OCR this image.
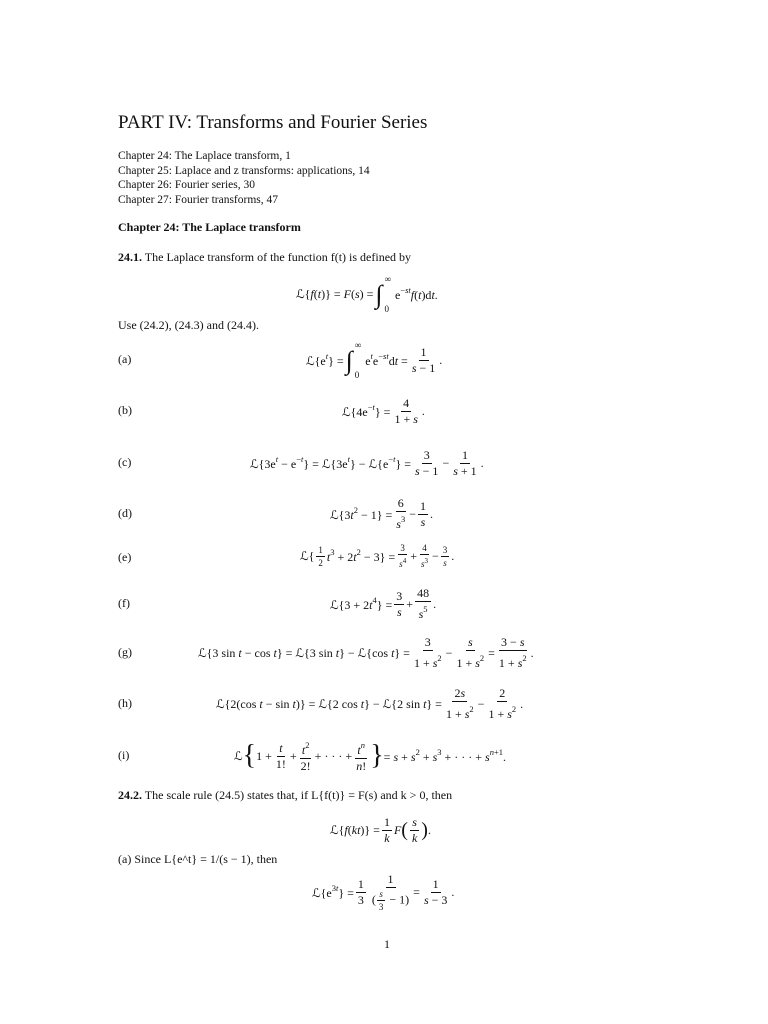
PART IV: Transforms and Fourier Series
Chapter 24: The Laplace transform, 1
Chapter 25: Laplace and z transforms: applications, 14
Chapter 26: Fourier series, 30
Chapter 27: Fourier transforms, 47
Chapter 24: The Laplace transform
24.1. The Laplace transform of the function f(t) is defined by
ℒ{f(t)} = F(s) = ∫
∞
0
$e^{-st}f(t)dt$.
Use (24.2), (24.3) and (24.4).
(a)	$ℒ\{e^t\}$ = ∫
∞
0
$e^te^{-st}dt = \frac{1}{s - 1}$ .
(b)	$ℒ\{4e^{-t}\} = \frac{4}{1 + s}$ .
(c)	$ℒ\{3e^t - e^{-t}\}$ = $ℒ\{3e^t\}$ − $ℒ\{e^{-t}\} = \frac{3}{s - 1} - \frac{1}{s + 1}$ .
(d)	$ℒ\{3t^2 - 1\} = \frac{6}{s^3} - \frac{1}{s}$ .
(e)	ℒ{ $\frac{1}{2} t^3 + 2t^2 - 3\} = \frac{3}{s^4} + \frac{4}{s^3} - \frac{3}{s}$ .
(f)	ℒ{3 + $2t^4\} = \frac{3}{s} + \frac{48}{s^5}$ .
(g)	ℒ{3 sin t − cos t} = ℒ{3 sin t} − ℒ{cos $t\} = \frac{3}{1 + s^2} - \frac{s}{1 + s^2} = \frac{3 - s}{1 + s^2}$ .
(h)	ℒ{2(cos t − sin t)} = ℒ{2 cos t} − ℒ{2 $\sin t\} = \frac{2s}{1 + s^2} - \frac{2}{1 + s^2}$ .
(i)	ℒ { $1 + \frac{t}{1!} + \frac{t^2}{2!}$ + · · · + $\frac{t^n}{n!}$ } = $s + s^2 + s^3$ + · · · + $s^{n+1}$.
24.2. The scale rule (24.5) states that, if L{f(t)} = F(s) and k > 0, then
ℒ{f(kt)} = $\frac{1}{k}$ F ( $\frac{s}{k}$ ) .
(a) Since L{e^t} = 1/(s − 1), then
$ℒ\{e^{3t}\} = \frac{1}{3} \frac{1}{( \frac{s}{3} - 1)} = \frac{1}{s - 3}$ .
1
